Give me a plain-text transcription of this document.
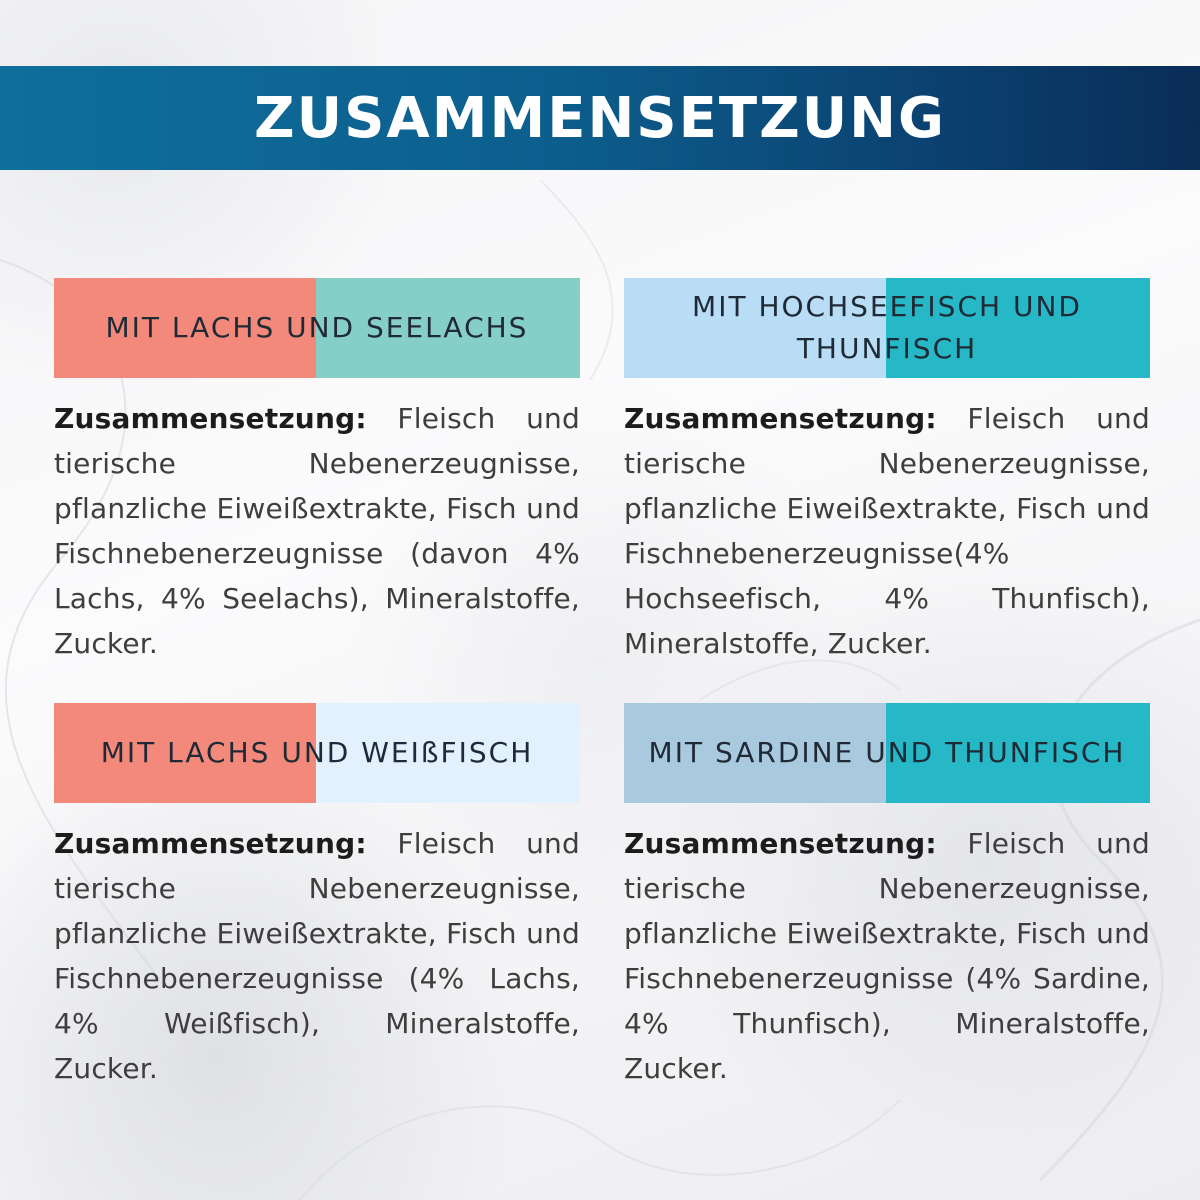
ZUSAMMENSETZUNG
MIT LACHS UND SEELACHS
Zusammensetzung: Fleisch und tierische Nebenerzeugnisse, pflanzliche Eiweißextrakte, Fisch und Fischnebenerzeugnisse (davon 4% Lachs, 4% Seelachs), Mineralstoffe, Zucker.
MIT HOCHSEEFISCH UND THUNFISCH
Zusammensetzung: Fleisch und tierische Nebenerzeugnisse, pflanzliche Eiweißextrakte, Fisch und Fischnebenerzeugnisse(4% Hochseefisch, 4% Thunfisch), Mineralstoffe, Zucker.
MIT LACHS UND WEIßFISCH
Zusammensetzung: Fleisch und tierische Nebenerzeugnisse, pflanzliche Eiweißextrakte, Fisch und Fischnebenerzeugnisse (4% Lachs, 4% Weißfisch), Mineralstoffe, Zucker.
MIT SARDINE UND THUNFISCH
Zusammensetzung: Fleisch und tierische Nebenerzeugnisse, pflanzliche Eiweißextrakte, Fisch und Fischnebenerzeugnisse (4% Sardine, 4% Thunfisch), Mineralstoffe, Zucker.
